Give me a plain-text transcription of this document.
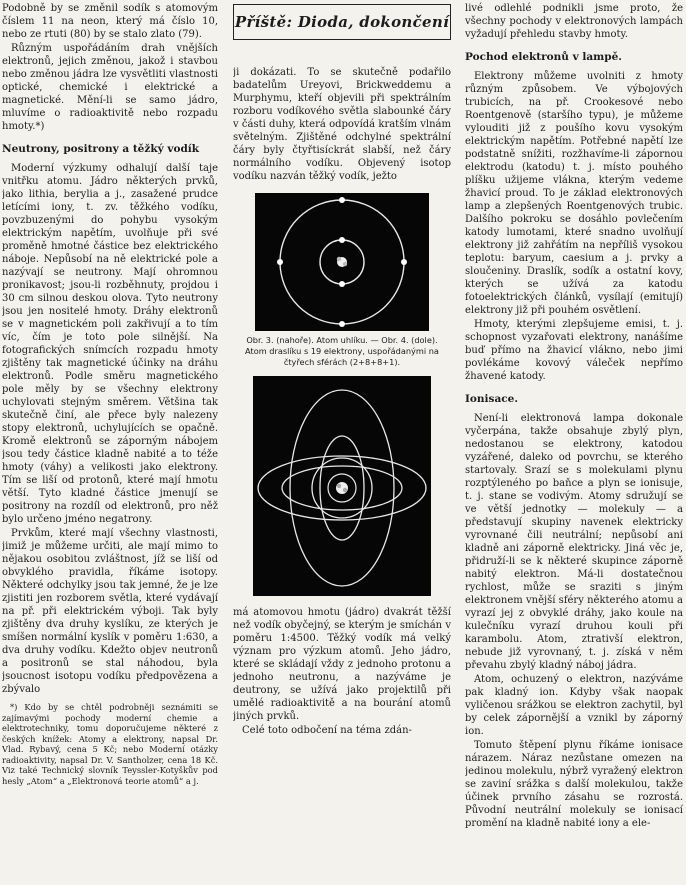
Podobně by se změnil sodík s atomovým číslem 11 na neon, který má číslo 10, nebo ze rtuti (80) by se stalo zlato (79).

Různým uspořádáním drah vnějších elektronů, jejich změnou, jakož i stavbou nebo změnou jádra lze vysvětliti vlastnosti optické, chemické i elektrické a magnetické. Mění-li se samo jádro, mluvíme o radioaktivitě nebo rozpadu hmoty.*)

Neutrony, positrony a těžký vodík

Moderní výzkumy odhalují další taje vnitřku atomu. Jádro některých prvků, jako lithia, berylia a j., zasažené prudce letícími iony, t. zv. těžkého vodíku, povzbuzenými do pohybu vysokým elektrickým napětím, uvolňuje při své proměně hmotné částice bez elektrického náboje. Nepůsobí na ně elektrické pole a nazývají se neutrony. Mají ohromnou pronikavost; jsou-li rozběhnuty, projdou i 30 cm silnou deskou olova. Tyto neutrony jsou jen nositelé hmoty. Dráhy elektronů se v magnetickém poli zakřivují a to tím víc, čím je toto pole silnější. Na fotografických snímcích rozpadu hmoty zjištěny tak magnetické účinky na dráhu elektronů. Podle směru magnetického pole měly by se všechny elektrony uchylovati stejným směrem. Většina tak skutečně činí, ale přece byly nalezeny stopy elektronů, uchylujících se opačně. Kromě elektronů se záporným nábojem jsou tedy částice kladně nabité a to téže hmoty (váhy) a velikosti jako elektrony. Tím se liší od protonů, které mají hmotu větší. Tyto kladné částice jmenují se positrony na rozdíl od elektronů, pro něž bylo určeno jméno negatrony.

Prvkům, které mají všechny vlastnosti, jimiž je můžeme určiti, ale mají mimo to nějakou osobitou zvláštnost, jíž se liší od obvyklého pravidla, říkáme isotopy. Některé odchylky jsou tak jemné, že je lze zjistiti jen rozborem světla, které vydávají na př. při elektrickém výboji. Tak byly zjištěny dva druhy kyslíku, ze kterých je smíšen normální kyslík v poměru 1:630, a dva druhy vodíku. Kdežto objev neutronů a positronů se stal náhodou, byla jsoucnost isotopu vodíku předpovězena a zbývalo

*) Kdo by se chtěl podrobněji seznámiti se zajímavými pochody moderní chemie a elektrotechniky, tomu doporučujeme některé z českých knížek: Atomy a elektrony, napsal Dr. Vlad. Rybavý, cena 5 Kč; nebo Moderní otázky radioaktivity, napsal Dr. V. Santholzer, cena 18 Kč. Viz také Technický slovník Teyssler-Kotyškův pod hesly „Atom“ a „Elektronová teorie atomů“ a j.

Příště: Dioda, dokončení

ji dokázati. To se skutečně podařilo badatelům Ureyovi, Brickweddemu a Murphymu, kteří objevili při spektrálním rozboru vodíkového světla slabounké čáry v části duhy, která odpovídá kratším vlnám světelným. Zjištěné odchylné spektrální čáry byly čtyřtisíckrát slabší, než čáry normálního vodíku. Objevený isotop vodíku nazván těžký vodík, ježto

Obr. 3. (nahoře). Atom uhlíku. — Obr. 4. (dole). Atom draslíku s 19 elektrony, uspořádanými na čtyřech sférách (2+8+8+1).

má atomovou hmotu (jádro) dvakrát těžší než vodík obyčejný, se kterým je smíchán v poměru 1:4500. Těžký vodík má velký význam pro výzkum atomů. Jeho jádro, které se skládají vždy z jednoho protonu a jednoho neutronu, a nazýváme je deutrony, se užívá jako projektilů při umělé radioaktivitě a na bourání atomů jiných prvků.

Celé toto odbočení na téma zdán-

livé odlehlé podnikli jsme proto, že všechny pochody v elektronových lampách vyžadují přehledu stavby hmoty.

Pochod elektronů v lampě.

Elektrony můžeme uvolniti z hmoty různým způsobem. Ve výbojových trubicích, na př. Crookesové nebo Roentgenově (staršího typu), je můžeme vylouditi již z poušího kovu vysokým elektrickým napětím. Potřebné napětí lze podstatně snížiti, rozžhavíme-li zápornou elektrodu (katodu) t. j. místo pouhého plíšku užijeme vlákna, kterým vedeme žhavicí proud. To je základ elektronových lamp a zlepšených Roentgenových trubic. Dalšího pokroku se dosáhlo povlečením katody lumotami, které snadno uvolňují elektrony již zahřátím na nepříliš vysokou teplotu: baryum, caesium a j. prvky a sloučeniny. Draslík, sodík a ostatní kovy, kterých se užívá za katodu fotoelektrických článků, vysílají (emitují) elektrony již při pouhém osvětlení.

Hmoty, kterými zlepšujeme emisi, t. j. schopnost vyzařovati elektrony, nanášíme buď přímo na žhavicí vlákno, nebo jimi povlékáme kovový váleček nepřímo žhavené katody.

Ionisace.

Není-li elektronová lampa dokonale vyčerpána, takže obsahuje zbylý plyn, nedostanou se elektrony, katodou vyzářené, daleko od povrchu, se kterého startovaly. Srazí se s molekulami plynu rozptýleného po baňce a plyn se ionisuje, t. j. stane se vodivým. Atomy sdružují se ve větší jednotky — molekuly — a představují skupiny navenek elektricky vyrovnané čili neutrální; nepůsobí ani kladně ani záporně elektricky. Jiná věc je, přidruží-li se k některé skupince záporně nabitý elektron. Má-li dostatečnou rychlost, může se sraziti s jiným elektronem vnější sféry některého atomu a vyrazí jej z obvyklé dráhy, jako koule na kulečníku vyrazí druhou kouli při karambolu. Atom, ztrativší elektron, nebude již vyrovnaný, t. j. získá v něm převahu zbylý kladný náboj jádra.

Atom, ochuzený o elektron, nazýváme pak kladný ion. Kdyby však naopak vyličenou srážkou se elektron zachytil, byl by celek zápornější a vznikl by záporný ion.

Tomuto štěpení plynu říkáme ionisace nárazem. Náraz nezůstane omezen na jedinou molekulu, nýbrž vyražený elektron se zaviní srážka s další molekulou, takže účinek prvního zásahu se rozrostá. Původní neutrální molekuly se ionisací promění na kladně nabité iony a ele-
